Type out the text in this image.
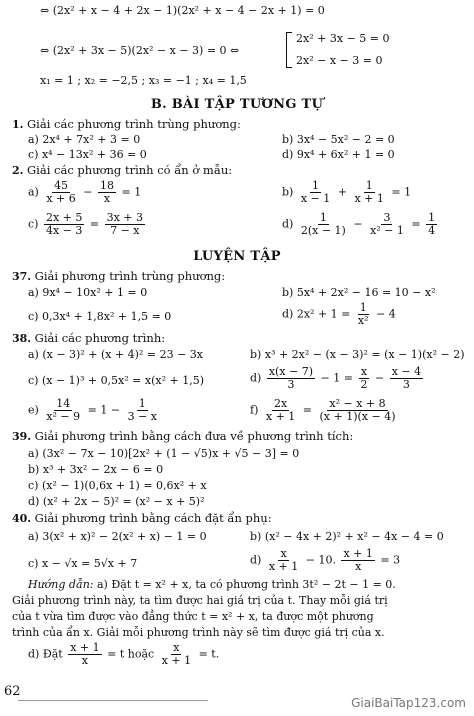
⇔ (2x² + x − 4 + 2x − 1)(2x² + x − 4 − 2x + 1) = 0
⇔ (2x² + 3x − 5)(2x² − x − 3) = 0 ⇔
2x² + 3x − 5 = 0
2x² − x − 3 = 0
x₁ = 1 ; x₂ = −2,5 ; x₃ = −1 ; x₄ = 1,5
B. BÀI TẬP TƯƠNG TỰ
1. Giải các phương trình trùng phương:
a) 2x⁴ + 7x² + 3 = 0	b) 3x⁴ − 5x² − 2 = 0
c) x⁴ − 13x² + 36 = 0	d) 9x⁴ + 6x² + 1 = 0
2. Giải các phương trình có ẩn ở mẫu:
$a) \frac{45}{x + 6} - \frac{18}{x} = 1$	$b) \frac{1}{x - 1} + \frac{1}{x + 1} = 1$
$c) \frac{2x + 5}{4x - 3} = \frac{3x + 3}{7 - x}$	$d) \frac{1}{2(x - 1)} - \frac{3}{\text{x² − 1}} = \frac{1}{4}$
LUYỆN TẬP
37. Giải phương trình trùng phương:
a) 9x⁴ − 10x² + 1 = 0	b) 5x⁴ + 2x² − 16 = 10 − x²
c) 0,3x⁴ + 1,8x² + 1,5 = 0	d) $2x^2 + 1 = \frac{1}{\text{x²}} - 4$
38. Giải các phương trình:
a) (x − 3)² + (x + 4)² = 23 − 3x	b) x³ + 2x² − (x − 3)² = (x − 1)(x² − 2)
c) (x − 1)³ + 0,5x² = x(x² + 1,5)	$d) \frac{x(x - 7)}{3} - 1 = \frac{x}{2} - \frac{x - 4}{3}$
$e) \frac{14}{\text{x² − 9}} = 1 - \frac{1}{3 - x}$	$f) \frac{2x}{x + 1} = \frac{\text{x² − x + 8}}{(x + 1)(x - 4)}$
39. Giải phương trình bằng cách đưa về phương trình tích:
a) (3x² − 7x − 10)[2x² + (1 − √5)x + √5 − 3] = 0
b) x³ + 3x² − 2x − 6 = 0
c) (x² − 1)(0,6x + 1) = 0,6x² + x
d) (x² + 2x − 5)² = (x² − x + 5)²
40. Giải phương trình bằng cách đặt ẩn phụ:
a) 3(x² + x)² − 2(x² + x) − 1 = 0	b) (x² − 4x + 2)² + x² − 4x − 4 = 0
c) x − √x = 5√x + 7	$d) \frac{x}{x + 1} - 10$. $\frac{x + 1}{x} = 3$
Hướng dẫn: a) Đặt t = x² + x, ta có phương trình 3t² − 2t − 1 = 0.
Giải phương trình này, ta tìm được hai giá trị của t. Thay mỗi giá trị
của t vừa tìm được vào đẳng thức t = x² + x, ta được một phương
trình của ẩn x. Giải mỗi phương trình này sẽ tìm được giá trị của x.
d) Đặt $\frac{x + 1}{x} = t$ hoặc $\frac{x}{x + 1} = t$.
62
GiaiBaiTap123.com
